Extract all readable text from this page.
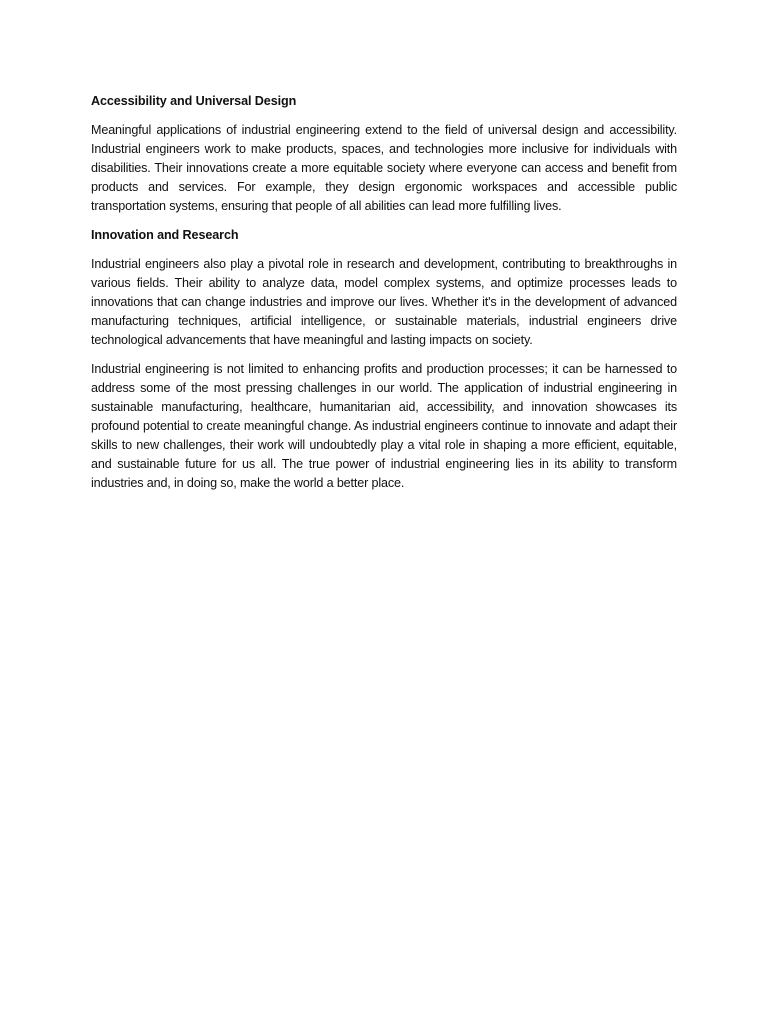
Accessibility and Universal Design

Meaningful applications of industrial engineering extend to the field of universal design and accessibility. Industrial engineers work to make products, spaces, and technologies more inclusive for individuals with disabilities. Their innovations create a more equitable society where everyone can access and benefit from products and services. For example, they design ergonomic workspaces and accessible public transportation systems, ensuring that people of all abilities can lead more fulfilling lives.

Innovation and Research

Industrial engineers also play a pivotal role in research and development, contributing to breakthroughs in various fields. Their ability to analyze data, model complex systems, and optimize processes leads to innovations that can change industries and improve our lives. Whether it's in the development of advanced manufacturing techniques, artificial intelligence, or sustainable materials, industrial engineers drive technological advancements that have meaningful and lasting impacts on society.

Industrial engineering is not limited to enhancing profits and production processes; it can be harnessed to address some of the most pressing challenges in our world. The application of industrial engineering in sustainable manufacturing, healthcare, humanitarian aid, accessibility, and innovation showcases its profound potential to create meaningful change. As industrial engineers continue to innovate and adapt their skills to new challenges, their work will undoubtedly play a vital role in shaping a more efficient, equitable, and sustainable future for us all. The true power of industrial engineering lies in its ability to transform industries and, in doing so, make the world a better place.
